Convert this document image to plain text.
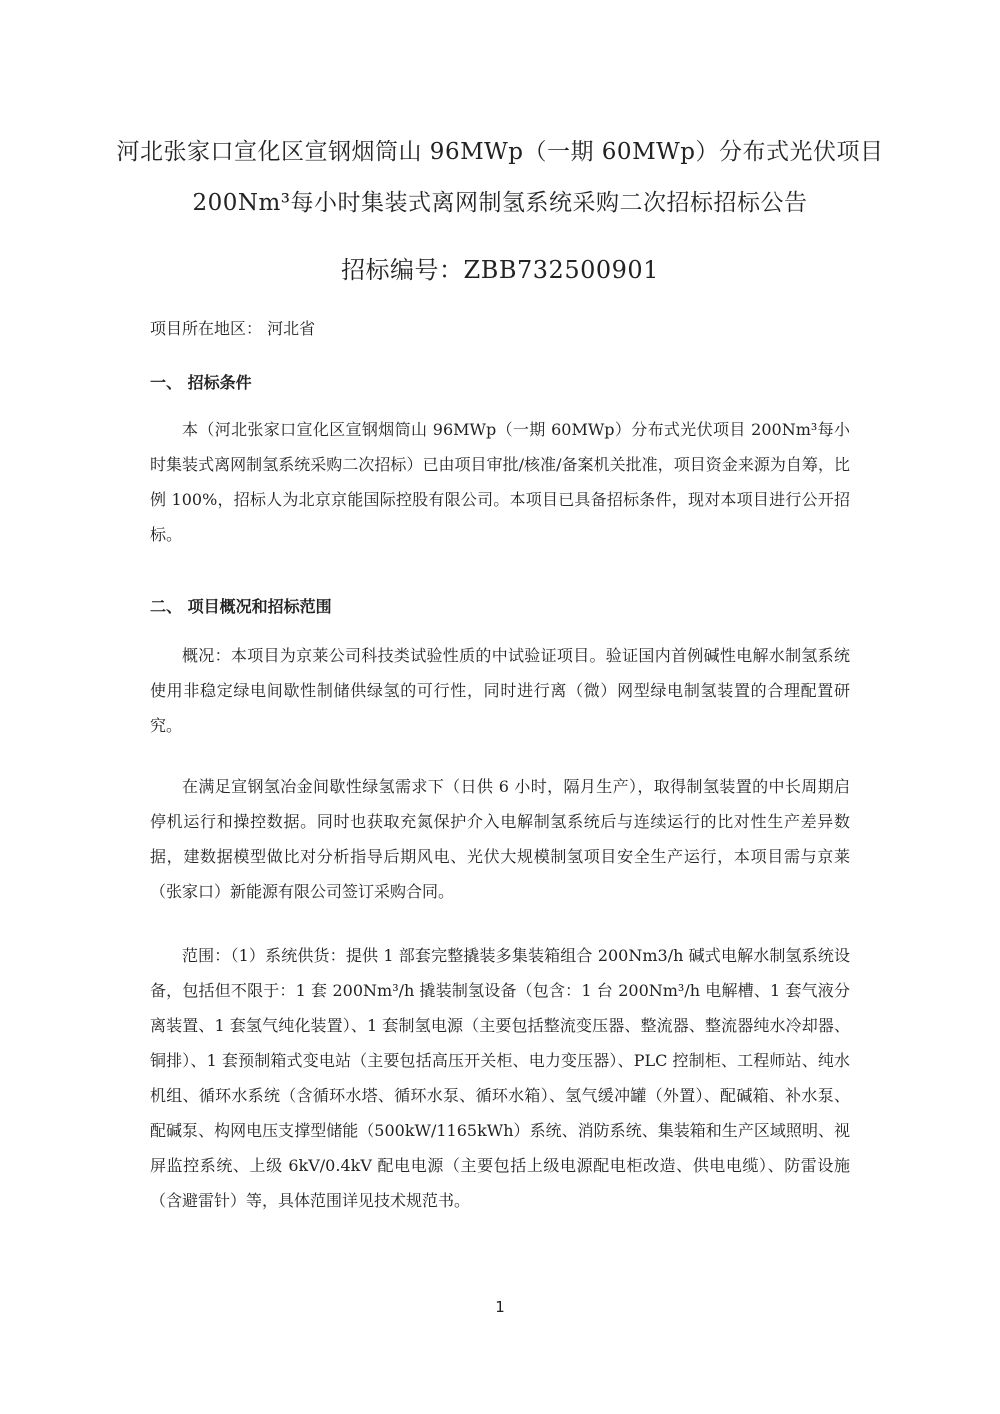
河北张家口宣化区宣钢烟筒山 96MWp（一期 60MWp）分布式光伏项目
200Nm³每小时集装式离网制氢系统采购二次招标招标公告
招标编号：ZBB732500901
项目所在地区： 河北省
一、 招标条件
本（河北张家口宣化区宣钢烟筒山 96MWp（一期 60MWp）分布式光伏项目 200Nm³每小时集装式离网制氢系统采购二次招标）已由项目审批/核准/备案机关批准，项目资金来源为自筹，比例 100%，招标人为北京京能国际控股有限公司。本项目已具备招标条件，现对本项目进行公开招标。
二、 项目概况和招标范围
概况：本项目为京莱公司科技类试验性质的中试验证项目。验证国内首例碱性电解水制氢系统使用非稳定绿电间歇性制储供绿氢的可行性，同时进行离（微）网型绿电制氢装置的合理配置研究。
在满足宣钢氢冶金间歇性绿氢需求下（日供 6 小时，隔月生产），取得制氢装置的中长周期启停机运行和操控数据。同时也获取充氮保护介入电解制氢系统后与连续运行的比对性生产差异数据，建数据模型做比对分析指导后期风电、光伏大规模制氢项目安全生产运行，本项目需与京莱（张家口）新能源有限公司签订采购合同。
范围：（1）系统供货：提供 1 部套完整撬装多集装箱组合 200Nm3/h 碱式电解水制氢系统设备，包括但不限于：1 套 200Nm³/h 撬装制氢设备（包含：1 台 200Nm³/h 电解槽、1 套气液分离装置、1 套氢气纯化装置）、1 套制氢电源（主要包括整流变压器、整流器、整流器纯水冷却器、铜排）、1 套预制箱式变电站（主要包括高压开关柜、电力变压器）、PLC 控制柜、工程师站、纯水机组、循环水系统（含循环水塔、循环水泵、循环水箱）、氢气缓冲罐（外置）、配碱箱、补水泵、配碱泵、构网电压支撑型储能（500kW/1165kWh）系统、消防系统、集装箱和生产区域照明、视屏监控系统、上级 6kV/0.4kV 配电电源（主要包括上级电源配电柜改造、供电电缆）、防雷设施（含避雷针）等，具体范围详见技术规范书。
1
